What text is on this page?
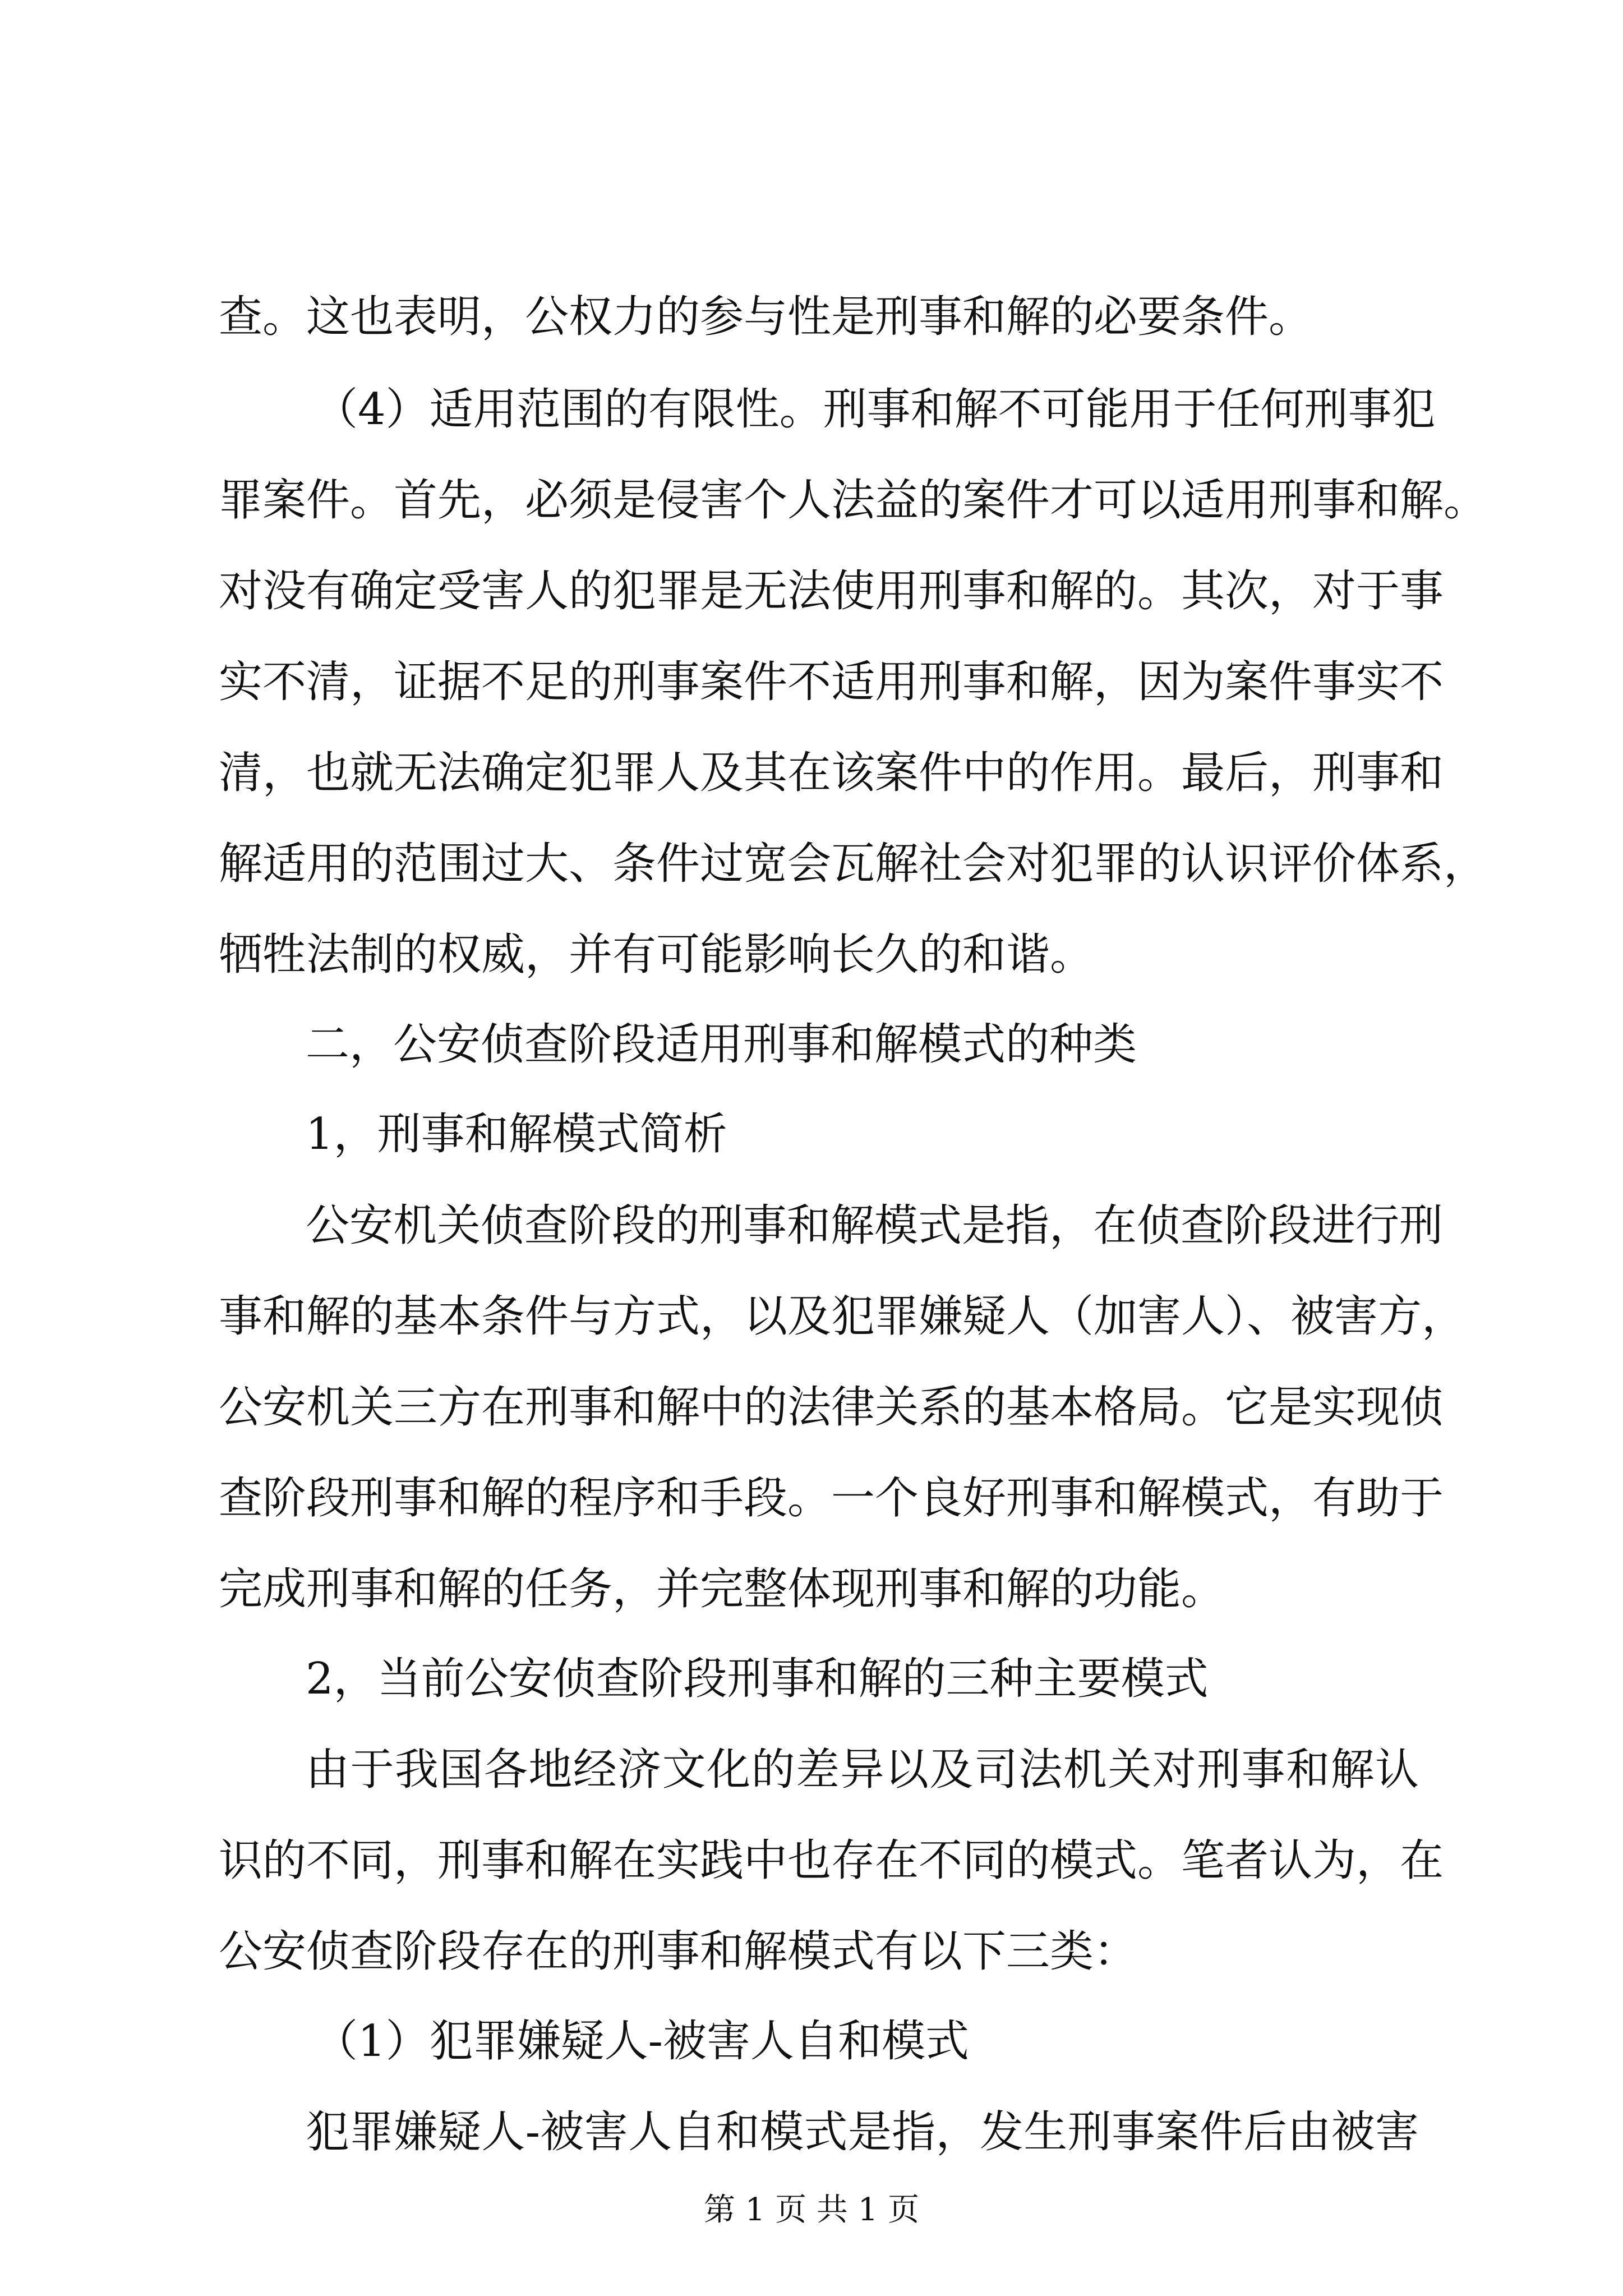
查。这也表明，公权力的参与性是刑事和解的必要条件。
（4）适用范围的有限性。刑事和解不可能用于任何刑事犯
罪案件。首先，必须是侵害个人法益的案件才可以适用刑事和解。
对没有确定受害人的犯罪是无法使用刑事和解的。其次，对于事
实不清，证据不足的刑事案件不适用刑事和解，因为案件事实不
清，也就无法确定犯罪人及其在该案件中的作用。最后，刑事和
解适用的范围过大、条件过宽会瓦解社会对犯罪的认识评价体系，
牺牲法制的权威，并有可能影响长久的和谐。
二，公安侦查阶段适用刑事和解模式的种类
1，刑事和解模式简析
公安机关侦查阶段的刑事和解模式是指，在侦查阶段进行刑
事和解的基本条件与方式，以及犯罪嫌疑人（加害人）、被害方，
公安机关三方在刑事和解中的法律关系的基本格局。它是实现侦
查阶段刑事和解的程序和手段。一个良好刑事和解模式，有助于
完成刑事和解的任务，并完整体现刑事和解的功能。
2，当前公安侦查阶段刑事和解的三种主要模式
由于我国各地经济文化的差异以及司法机关对刑事和解认
识的不同，刑事和解在实践中也存在不同的模式。笔者认为，在
公安侦查阶段存在的刑事和解模式有以下三类：
（1）犯罪嫌疑人-被害人自和模式
犯罪嫌疑人-被害人自和模式是指，发生刑事案件后由被害
第 1 页 共 1 页
